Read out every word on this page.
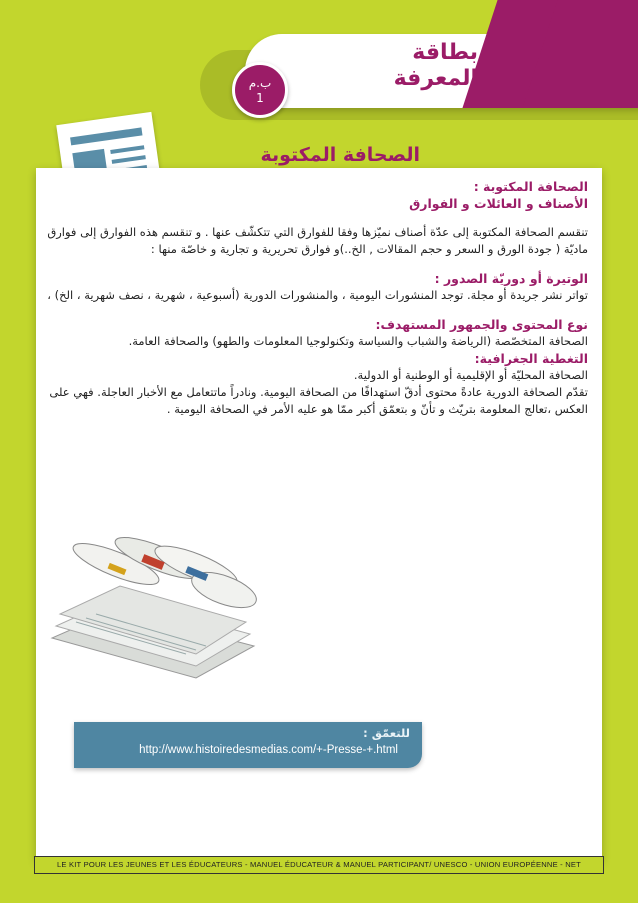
بطاقة
المعرفة
ب.م
1
الصحافة المكتوبة

الصحافة المكتوبة :

الأصناف و العائلات و الفوارق

تنقسم الصحافة المكتوبة إلى عدّة أصناف نميّزها وفقا للفوارق التي تتكشّف عنها . و تنقسم هذه الفوارق إلى فوارق ماديّة ( جودة الورق و السعر و حجم المقالات , الخ..)و فوارق تحريرية و تجارية و خاصّة منها :

الوتيرة أو دوريّة الصدور :

تواتر نشر جريدة أو مجلة. توجد المنشورات اليومية ، والمنشورات الدورية (أسبوعية ، شهرية ، نصف شهرية ، الخ) ،

نوع المحتوى والجمهور المستهدف:

الصحافة المتخصّصة (الرياضة والشباب والسياسة وتكنولوجيا المعلومات والطهو) والصحافة العامة.

التغطية الجغرافية:

الصحافة المحليّة أو الإقليمية أو الوطنية أو الدولية.

تقدّم الصحافة الدورية عادةً محتوى أدقّ استهدافًا من الصحافة اليومية. ونادراً ماتتعامل مع الأخبار العاجلة. فهي على العكس ،تعالج المعلومة بتريّث و تأنّ و بتعمّق أكبر ممّا هو عليه الأمر في الصحافة اليومية .

للتعمّق :
http://www.histoiredesmedias.com/+-Presse-+.html
LE KIT POUR LES JEUNES ET LES ÉDUCATEURS - MANUEL ÉDUCATEUR & MANUEL PARTICIPANT/ UNESCO - UNION EUROPÉENNE - NET
